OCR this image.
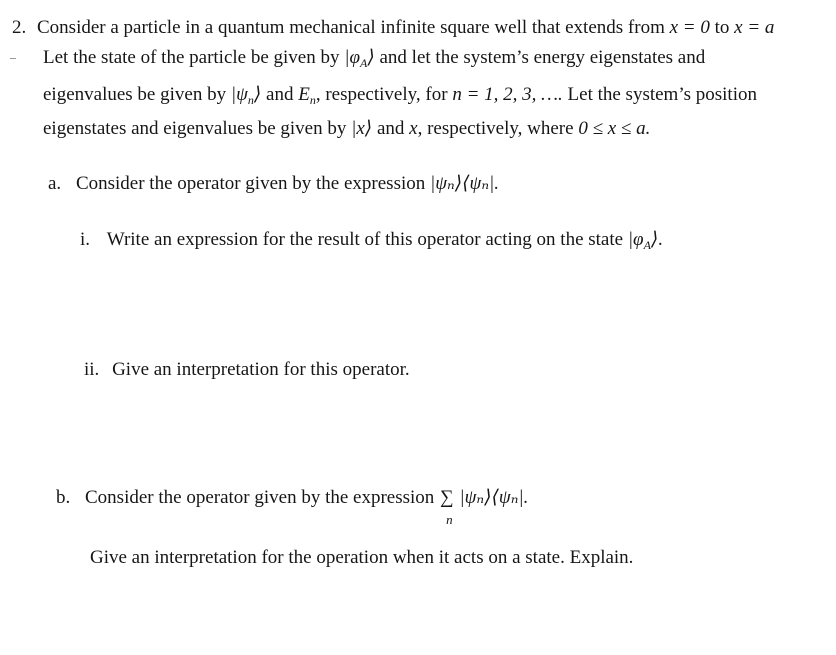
2. Consider a particle in a quantum mechanical infinite square well that extends from x = 0 to x = a
Let the state of the particle be given by $|\varphi_A⟩$ and let the system’s energy eigenstates and
eigenvalues be given by $|\psi_n⟩$ and $E_n$, respectively, for n = 1, 2, 3, …. Let the system’s position
eigenstates and eigenvalues be given by |x⟩ and x, respectively, where 0 ≤ x ≤ a.
a. Consider the operator given by the expression |ψₙ⟩⟨ψₙ|.
i. Write an expression for the result of this operator acting on the state $|\varphi_A⟩$.
ii. Give an interpretation for this operator.
b. Consider the operator given by the expression ∑
n
|ψₙ⟩⟨ψₙ|.
Give an interpretation for the operation when it acts on a state. Explain.
